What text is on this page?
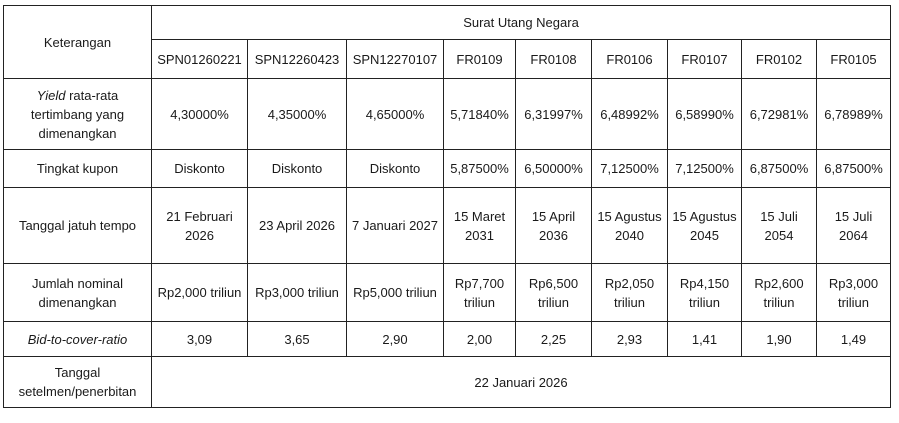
Keterangan	Surat Utang Negara								
	SPN01260221	SPN12260423	SPN12270107	FR0109	FR0108	FR0106	FR0107	FR0102	FR0105
Yield rata-rata tertimbang yang dimenangkan	4,30000%	4,35000%	4,65000%	5,71840%	6,31997%	6,48992%	6,58990%	6,72981%	6,78989%
Tingkat kupon	Diskonto	Diskonto	Diskonto	5,87500%	6,50000%	7,12500%	7,12500%	6,87500%	6,87500%
Tanggal jatuh tempo	21 Februari 2026	23 April 2026	7 Januari 2027	15 Maret 2031	15 April 2036	15 Agustus 2040	15 Agustus 2045	15 Juli 2054	15 Juli 2064
Jumlah nominal dimenangkan	Rp2,000 triliun	Rp3,000 triliun	Rp5,000 triliun	Rp7,700 triliun	Rp6,500 triliun	Rp2,050 triliun	Rp4,150 triliun	Rp2,600 triliun	Rp3,000 triliun
Bid-to-cover-ratio	3,09	3,65	2,90	2,00	2,25	2,93	1,41	1,90	1,49
Tanggal setelmen/penerbitan	22 Januari 2026								
